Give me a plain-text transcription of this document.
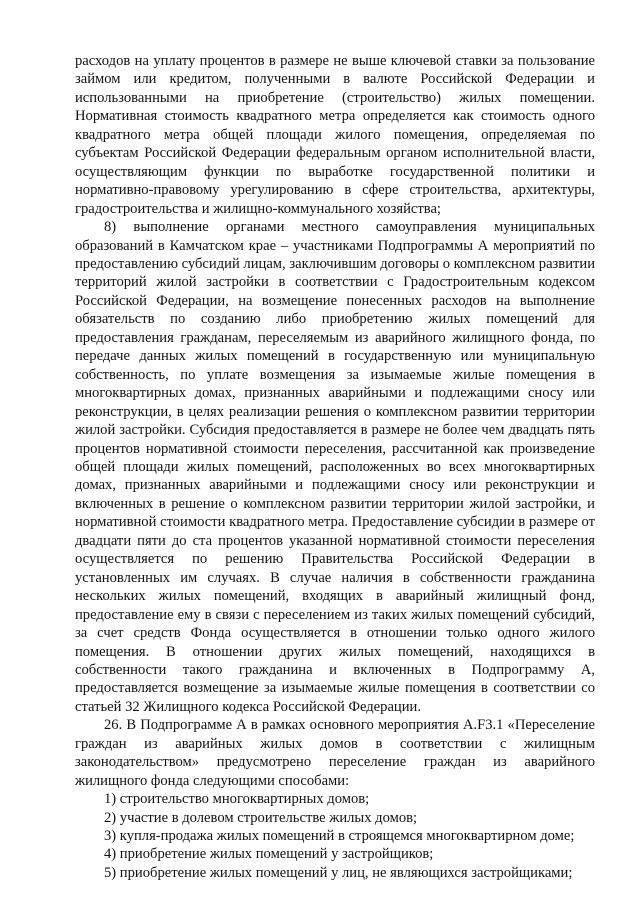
расходов на уплату процентов в размере не выше ключевой ставки за пользование займом или кредитом, полученными в валюте Российской Федерации и использованными на приобретение (строительство) жилых помещении. Нормативная стоимость квадратного метра определяется как стоимость одного квадратного метра общей площади жилого помещения, определяемая по субъектам Российской Федерации федеральным органом исполнительной власти, осуществляющим функции по выработке государственной политики и нормативно-правовому урегулированию в сфере строительства, архитектуры, градостроительства и жилищно-коммунального хозяйства;

8) выполнение органами местного самоуправления муниципальных образований в Камчатском крае – участниками Подпрограммы А мероприятий по предоставлению субсидий лицам, заключившим договоры о комплексном развитии территорий жилой застройки в соответствии с Градостроительным кодексом Российской Федерации, на возмещение понесенных расходов на выполнение обязательств по созданию либо приобретению жилых помещений для предоставления гражданам, переселяемым из аварийного жилищного фонда, по передаче данных жилых помещений в государственную или муниципальную собственность, по уплате возмещения за изымаемые жилые помещения в многоквартирных домах, признанных аварийными и подлежащими сносу или реконструкции, в целях реализации решения о комплексном развитии территории жилой застройки. Субсидия предоставляется в размере не более чем двадцать пять процентов нормативной стоимости переселения, рассчитанной как произведение общей площади жилых помещений, расположенных во всех многоквартирных домах, признанных аварийными и подлежащими сносу или реконструкции и включенных в решение о комплексном развитии территории жилой застройки, и нормативной стоимости квадратного метра. Предоставление субсидии в размере от двадцати пяти до ста процентов указанной нормативной стоимости переселения осуществляется по решению Правительства Российской Федерации в установленных им случаях. В случае наличия в собственности гражданина нескольких жилых помещений, входящих в аварийный жилищный фонд, предоставление ему в связи с переселением из таких жилых помещений субсидий, за счет средств Фонда осуществляется в отношении только одного жилого помещения. В отношении других жилых помещений, находящихся в собственности такого гражданина и включенных в Подпрограмму А, предоставляется возмещение за изымаемые жилые помещения в соответствии со статьей 32 Жилищного кодекса Российской Федерации.

26. В Подпрограмме А в рамках основного мероприятия А.F3.1 «Переселение граждан из аварийных жилых домов в соответствии с жилищным законодательством» предусмотрено переселение граждан из аварийного жилищного фонда следующими способами:

1) строительство многоквартирных домов;

2) участие в долевом строительстве жилых домов;

3) купля-продажа жилых помещений в строящемся многоквартирном доме;

4) приобретение жилых помещений у застройщиков;

5) приобретение жилых помещений у лиц, не являющихся застройщиками;
